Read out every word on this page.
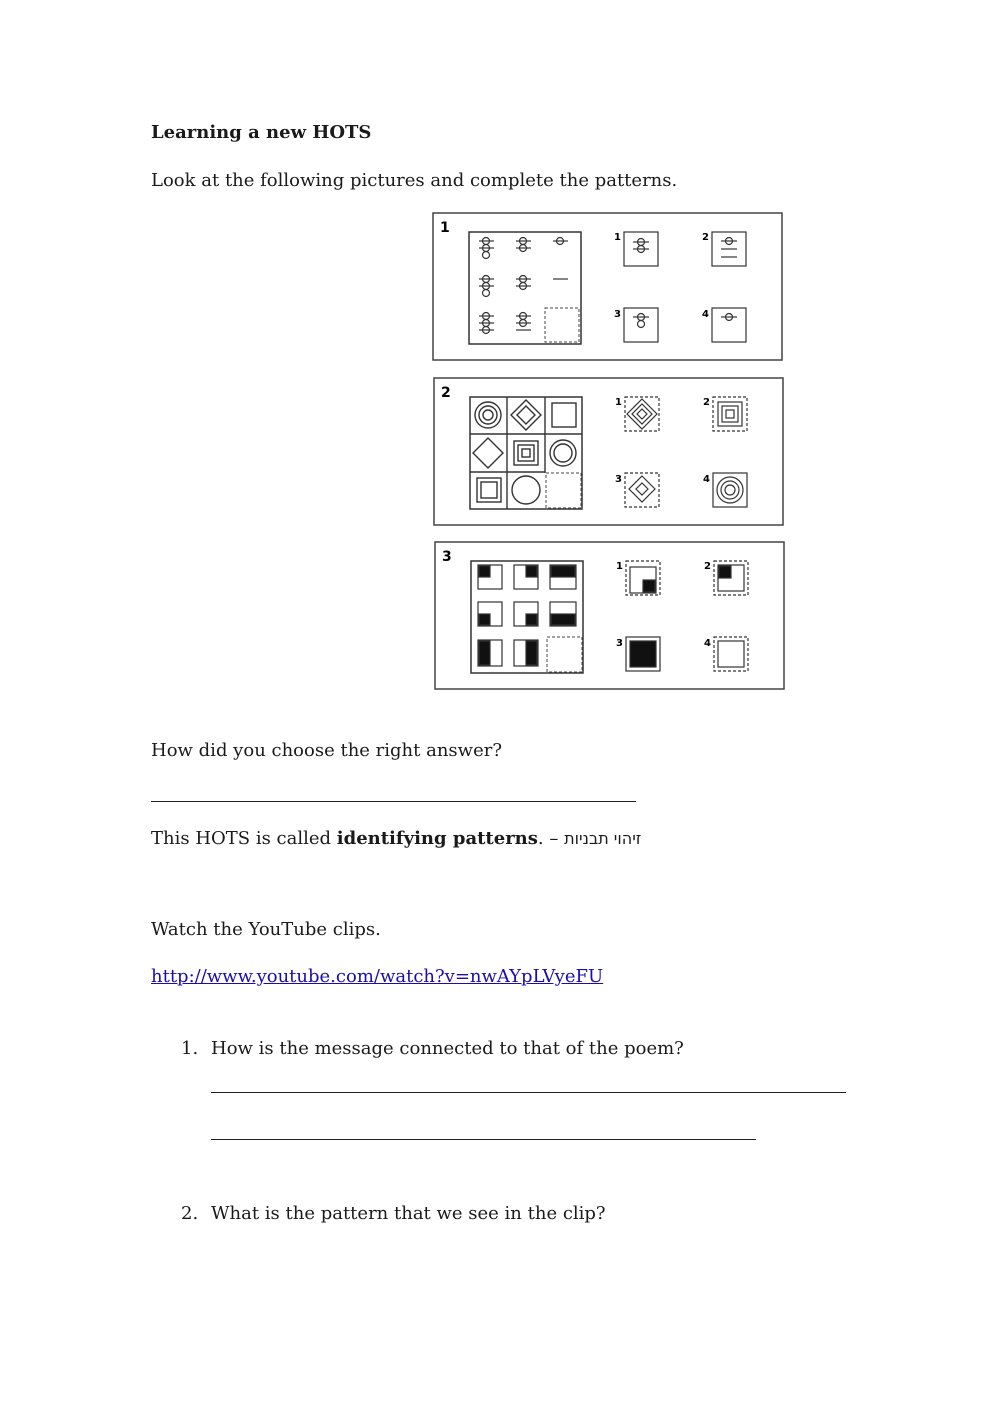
Learning a new HOTS
Look at the following pictures and complete the patterns.
1
1	2
3	4
2
1	2
3	4
3
1	2
3	4
How did you choose the right answer?
This HOTS is called identifying patterns. – זיהוי תבניות
Watch the YouTube clips.
http://www.youtube.com/watch?v=nwAYpLVyeFU
1. How is the message connected to that of the poem?
2. What is the pattern that we see in the clip?
